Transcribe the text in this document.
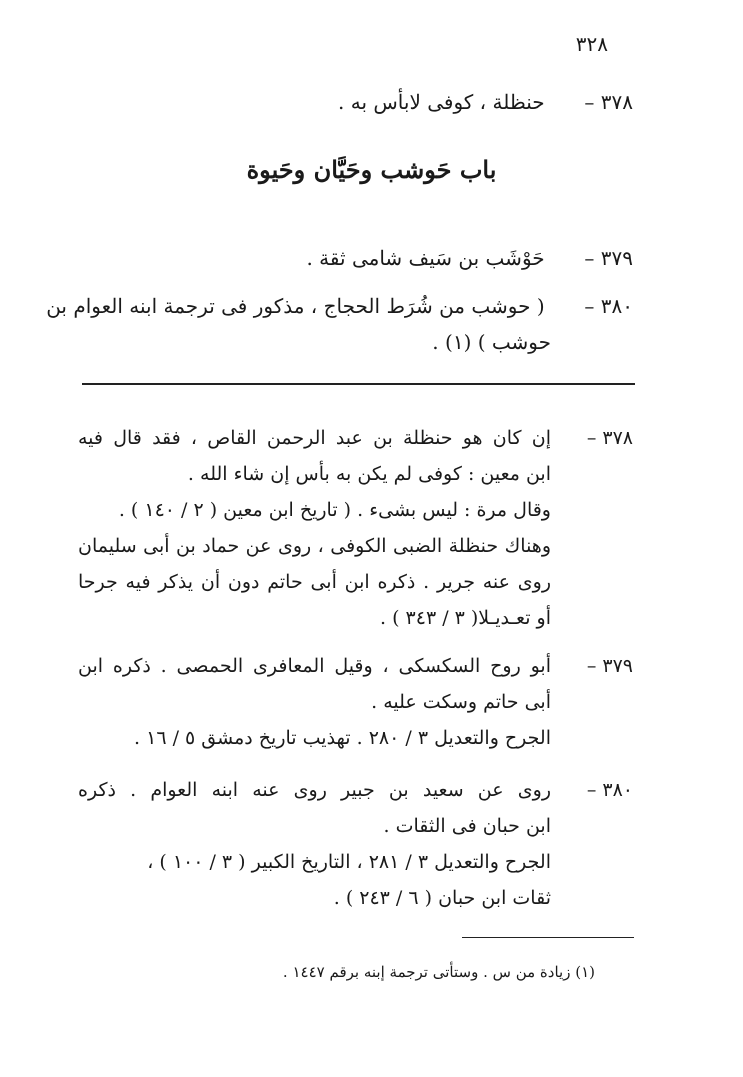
٣٢٨
٣٧٨ – حنظلة ، كوفى لابأس به .
باب حَوشب وحَيَّان وحَيوة
٣٧٩ – حَوْشَب بن سَيف شامى ثقة .
٣٨٠ – ( حوشب من شُرَط الحجاج ، مذكور فى ترجمة ابنه العوام بن
حوشب ) (١) .
٣٧٨ –
إن كان هو حنظلة بن عبد الرحمن القاص ، فقد قال فيه
ابن معين : كوفى لم يكن به بأس إن شاء الله .
وقال مرة : ليس بشىء . ( تاريخ ابن معين ( ٢ / ١٤٠ ) .
وهناك حنظلة الضبى الكوفى ، روى عن حماد بن أبى سليمان
روى عنه جرير . ذكره ابن أبى حاتم دون أن يذكر فيه جرحا
أو تعـديـلا( ٣ / ٣٤٣ ) .
٣٧٩ –
أبو روح السكسكى ، وقيل المعافرى الحمصى . ذكره ابن
أبى حاتم وسكت عليه .
الجرح والتعديل ٣ / ٢٨٠ . تهذيب تاريخ دمشق ٥ / ١٦ .
٣٨٠ –
روى عن سعيد بن جبير روى عنه ابنه العوام . ذكره
ابن حبان فى الثقات .
الجرح والتعديل ٣ / ٢٨١ ، التاريخ الكبير ( ٣ / ١٠٠ ) ،
ثقات ابن حبان ( ٦ / ٢٤٣ ) .
(١) زيادة من س . وستأتى ترجمة إبنه برقم ١٤٤٧ .
